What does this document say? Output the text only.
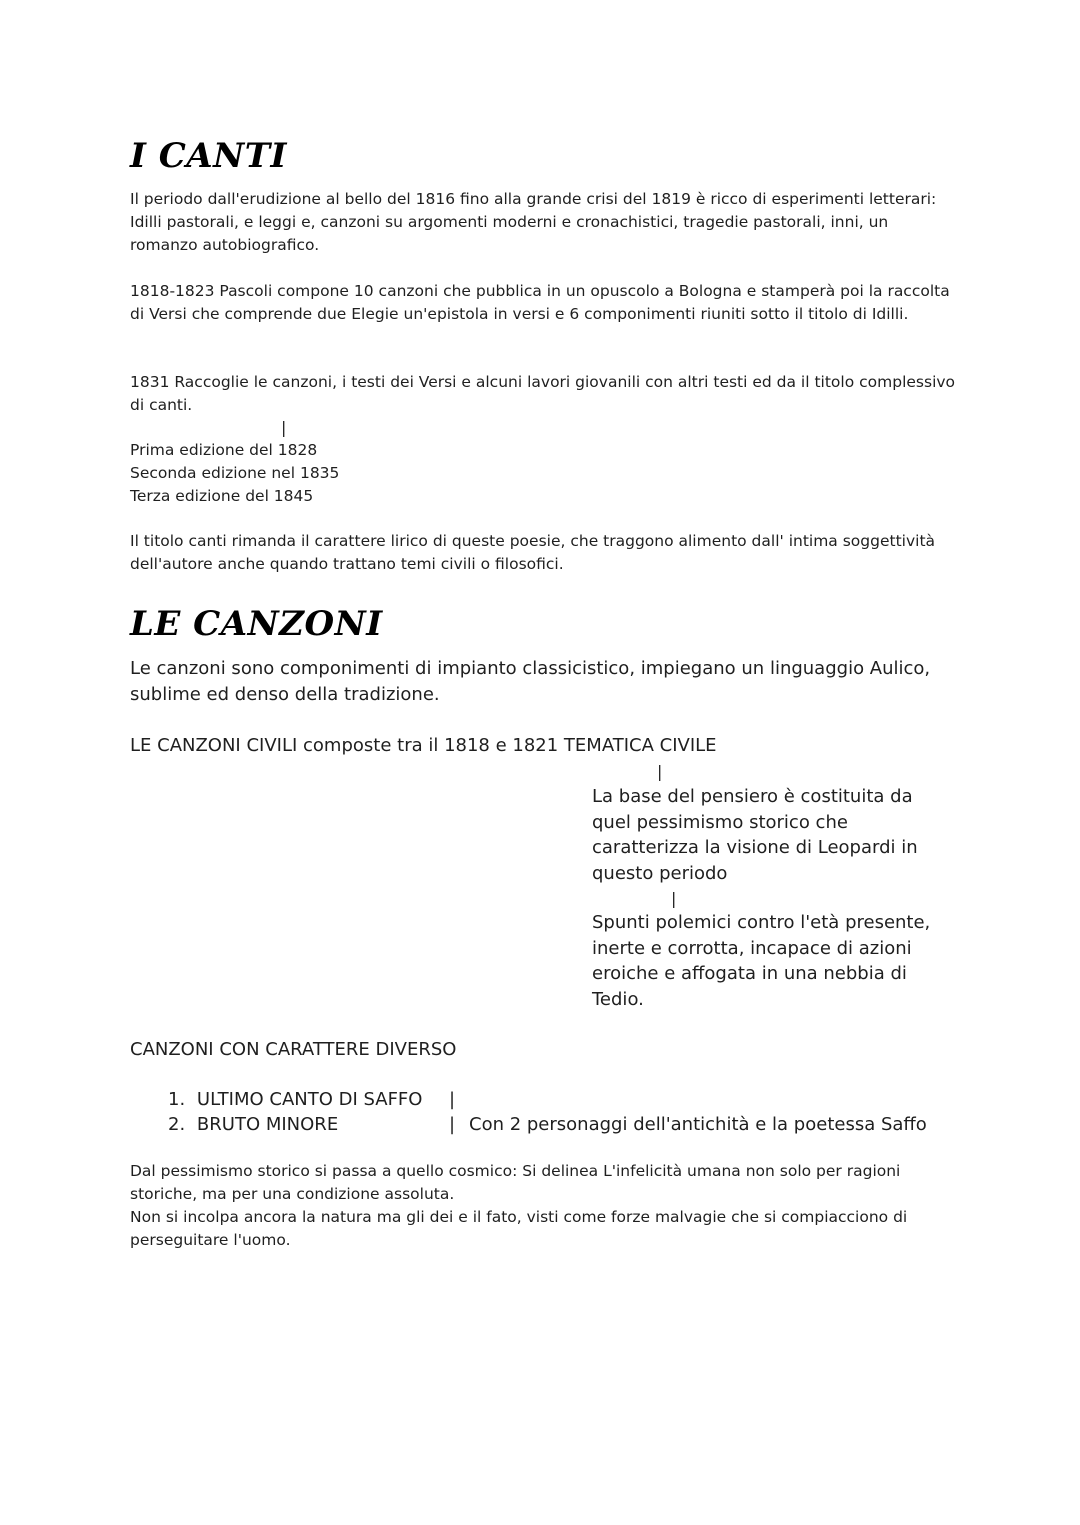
I CANTI

Il periodo dall'erudizione al bello del 1816 fino alla grande crisi del 1819 è ricco di esperimenti letterari: Idilli pastorali, e leggi e, canzoni su argomenti moderni e cronachistici, tragedie pastorali, inni, un romanzo autobiografico.

1818-1823 Pascoli compone 10 canzoni che pubblica in un opuscolo a Bologna e stamperà poi la raccolta di Versi che comprende due Elegie un'epistola in versi e 6 componimenti riuniti sotto il titolo di Idilli.

1831 Raccoglie le canzoni, i testi dei Versi e alcuni lavori giovanili con altri testi ed da il titolo complessivo di canti.

|
Prima edizione del 1828
Seconda edizione nel 1835
Terza edizione del 1845

Il titolo canti rimanda il carattere lirico di queste poesie, che traggono alimento dall' intima soggettività dell'autore anche quando trattano temi civili o filosofici.

LE CANZONI

Le canzoni sono componimenti di impianto classicistico, impiegano un linguaggio Aulico, sublime ed denso della tradizione.

LE CANZONI CIVILI composte tra il 1818 e 1821 TEMATICA CIVILE
|

La base del pensiero è costituita da quel pessimismo storico che caratterizza la visione di Leopardi in questo periodo

|

Spunti polemici contro l'età presente, inerte e corrotta, incapace di azioni eroiche e affogata in una nebbia di Tedio.

CANZONI CON CARATTERE DIVERSO
1. ULTIMO CANTO DI SAFFO |
2. BRUTO MINORE	| Con 2 personaggi dell'antichità e la poetessa Saffo

Dal pessimismo storico si passa a quello cosmico: Si delinea L'infelicità umana non solo per ragioni storiche, ma per una condizione assoluta.

Non si incolpa ancora la natura ma gli dei e il fato, visti come forze malvagie che si compiacciono di perseguitare l'uomo.
